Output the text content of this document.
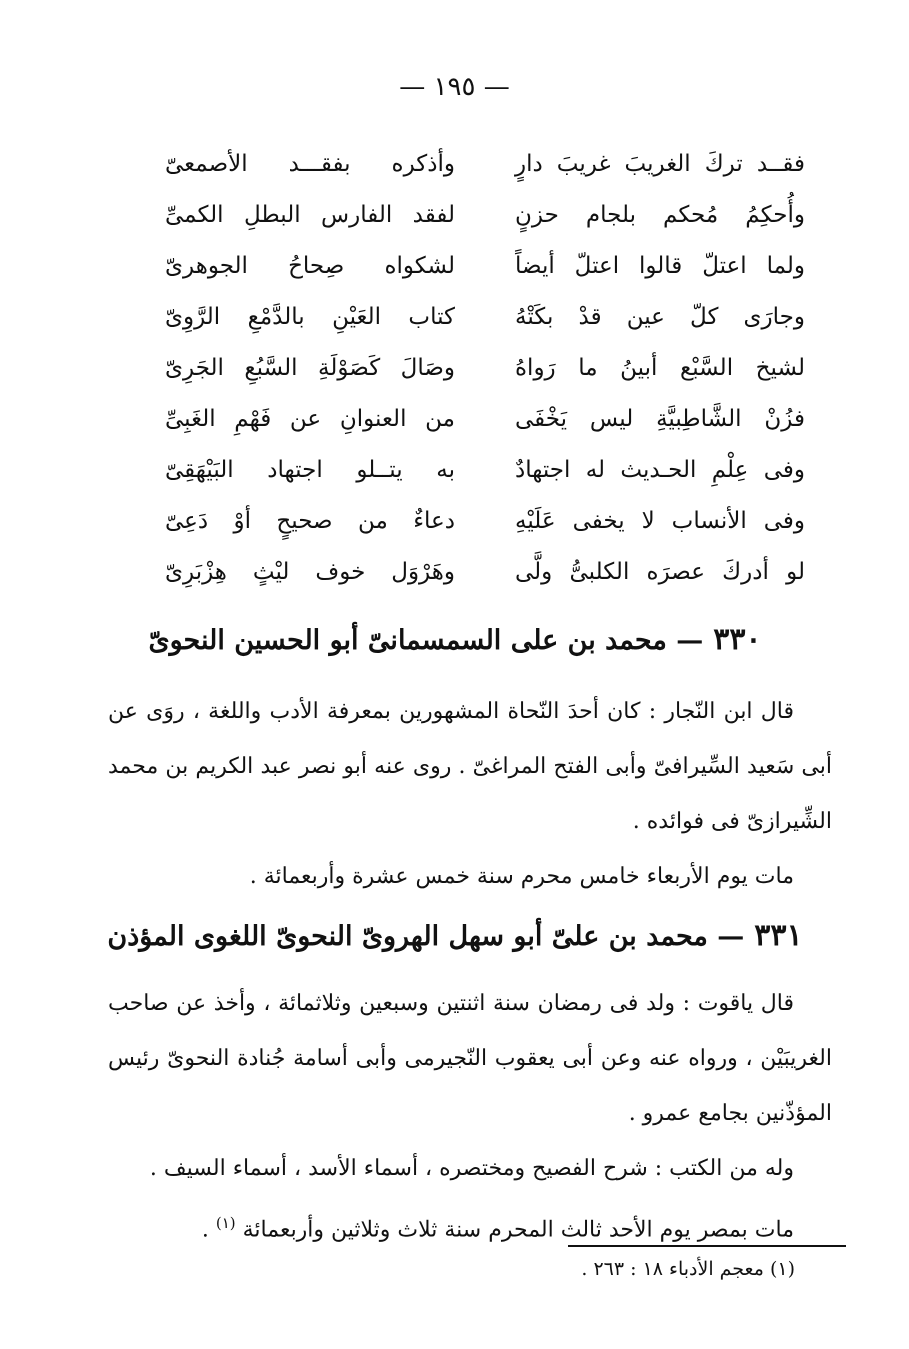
— ١٩٥ —
وأذكره بفقـــد الأصمعىّ	فقــد تركَ الغريبَ غريبَ دارٍ
لفقد الفارس البطلِ الكمىِّ	وأُحكِمُ مُحكم بلجام حزنٍ
لشكواه صِحاحُ الجوهرىّ	ولما اعتلّ قالوا اعتلّ أيضاً
كتاب العَيْنِ بالدَّمْعِ الرَّوِىّ	وجارَى كلّ عين قدْ بكَتْهُ
وصَالَ كَصَوْلَةِ السَّبُعِ الجَرِىّ	لشيخ السَّبْع أبينُ ما رَواهُ
من العنوانِ عن فَهْمِ الغَبِىِّ	فزُنْ الشَّاطِبيَّةِ ليس يَخْفَى
به يتــلو اجتهاد البَيْهَقِىّ	وفى عِلْمِ الحـديث له اجتهادٌ
دعاءٌ من صحيحٍ أوْ دَعِىّ	وفى الأنساب لا يخفى عَلَيْهِ
وهَرْوَل خوف ليْثٍ هِزْبَرِىّ	لو أدركَ عصرَه الكلبىُّ ولَّى
٣٣٠— محمد بن على السمسمانىّ أبو الحسين النحوىّ

قال ابن النّجار : كان أحدَ النّحاة المشهورين بمعرفة الأدب واللغة ، روَى عن أبى سَعيد السِّيرافىّ وأبى الفتح المراغىّ . روى عنه أبو نصر عبد الكريم بن محمد الشِّيرازىّ فى فوائده .

مات يوم الأربعاء خامس محرم سنة خمس عشرة وأربعمائة .

٣٣١— محمد بن علىّ أبو سهل الهروىّ النحوىّ اللغوى المؤذن

قال ياقوت : ولد فى رمضان سنة اثنتين وسبعين وثلاثمائة ، وأخذ عن صاحب الغريبَيْن ، ورواه عنه وعن أبى يعقوب النّجيرمى وأبى أسامة جُنادة النحوىّ رئيس المؤذّنين بجامع عمرو .

وله من الكتب : شرح الفصيح ومختصره ، أسماء الأسد ، أسماء السيف .

مات بمصر يوم الأحد ثالث المحرم سنة ثلاث وثلاثين وأربعمائة $^{(١)}$ .

(١) معجم الأدباء ١٨ : ٢٦٣ .
